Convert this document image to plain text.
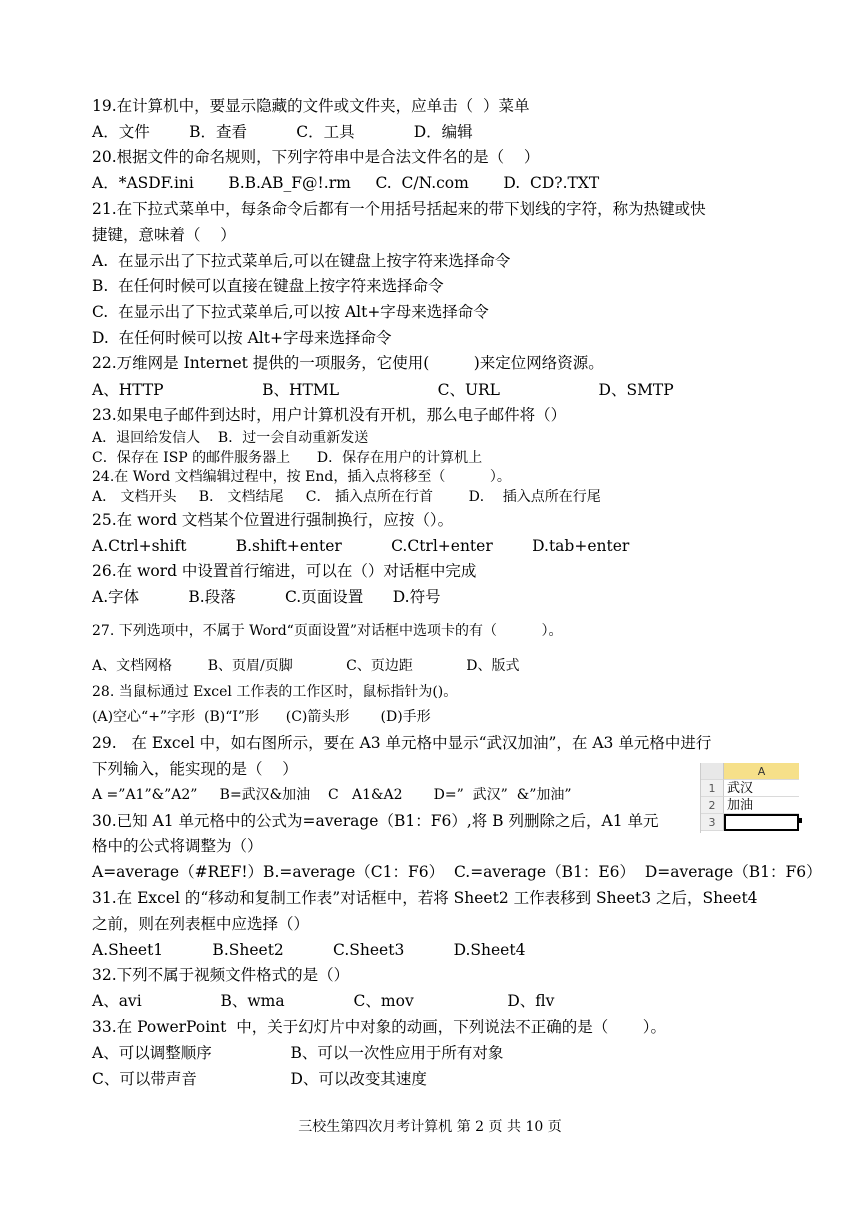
19.在计算机中，要显示隐藏的文件或文件夹，应单击（  ）菜单
A．文件        B．查看          C．工具            D．编辑
20.根据文件的命名规则，下列字符串中是合法文件名的是（    ）
A．*ASDF.ini       B.B.AB_F@!.rm     C.  C/N.com       D.  CD?.TXT
21.在下拉式菜单中，每条命令后都有一个用括号括起来的带下划线的字符，称为热键或快
捷键，意味着（    ）
A.  在显示出了下拉式菜单后,可以在键盘上按字符来选择命令
B.  在任何时候可以直接在键盘上按字符来选择命令
C.  在显示出了下拉式菜单后,可以按 Alt+字母来选择命令
D.  在任何时候可以按 Alt+字母来选择命令
22.万维网是 Internet 提供的一项服务，它使用(         )来定位网络资源。
A、HTTP                    B、HTML                    C、URL                    D、SMTP
23.如果电子邮件到达时，用户计算机没有开机，那么电子邮件将（）
A．退回给发信人    B．过一会自动重新发送
C．保存在 ISP 的邮件服务器上      D．保存在用户的计算机上
24.在 Word 文档编辑过程中，按 End，插入点将移至（          ）。
A． 文档开头     B． 文档结尾     C． 插入点所在行首        D．  插入点所在行尾
25.在 word 文档某个位置进行强制换行，应按（）。
A.Ctrl+shift          B.shift+enter          C.Ctrl+enter        D.tab+enter
26.在 word 中设置首行缩进，可以在（）对话框中完成
A.字体          B.段落          C.页面设置      D.符号
27. 下列选项中，不属于 Word“页面设置”对话框中选项卡的有（          ）。
A、文档网格        B、页眉/页脚            C、页边距            D、版式
28. 当鼠标通过 Excel 工作表的工作区时，鼠标指针为()。
(A)空心“+”字形  (B)“I”形      (C)箭头形       (D)手形
29.   在 Excel 中，如右图所示，要在 A3 单元格中显示“武汉加油”，在 A3 单元格中进行
下列输入，能实现的是（    ）
A =”A1”&”A2”     B=武汉&加油    C   A1&A2       D=”  武汉”  &”加油”
30.已知 A1 单元格中的公式为=average（B1：F6）,将 B 列删除之后，A1 单元
格中的公式将调整为（）
A=average（#REF!）B.=average（C1：F6）  C.=average（B1：E6）  D=average（B1：F6）
31.在 Excel 的“移动和复制工作表”对话框中，若将 Sheet2 工作表移到 Sheet3 之后，Sheet4
之前，则在列表框中应选择（）
A.Sheet1          B.Sheet2          C.Sheet3          D.Sheet4
32.下列不属于视频文件格式的是（）
A、avi                B、wma              C、mov                   D、flv
33.在 PowerPoint  中，关于幻灯片中对象的动画，下列说法不正确的是（       ）。
A、可以调整顺序                B、可以一次性应用于所有对象
C、可以带声音                   D、可以改变其速度
A
1 武汉
2 加油
3
三校生第四次月考计算机 第 2 页 共 10 页
